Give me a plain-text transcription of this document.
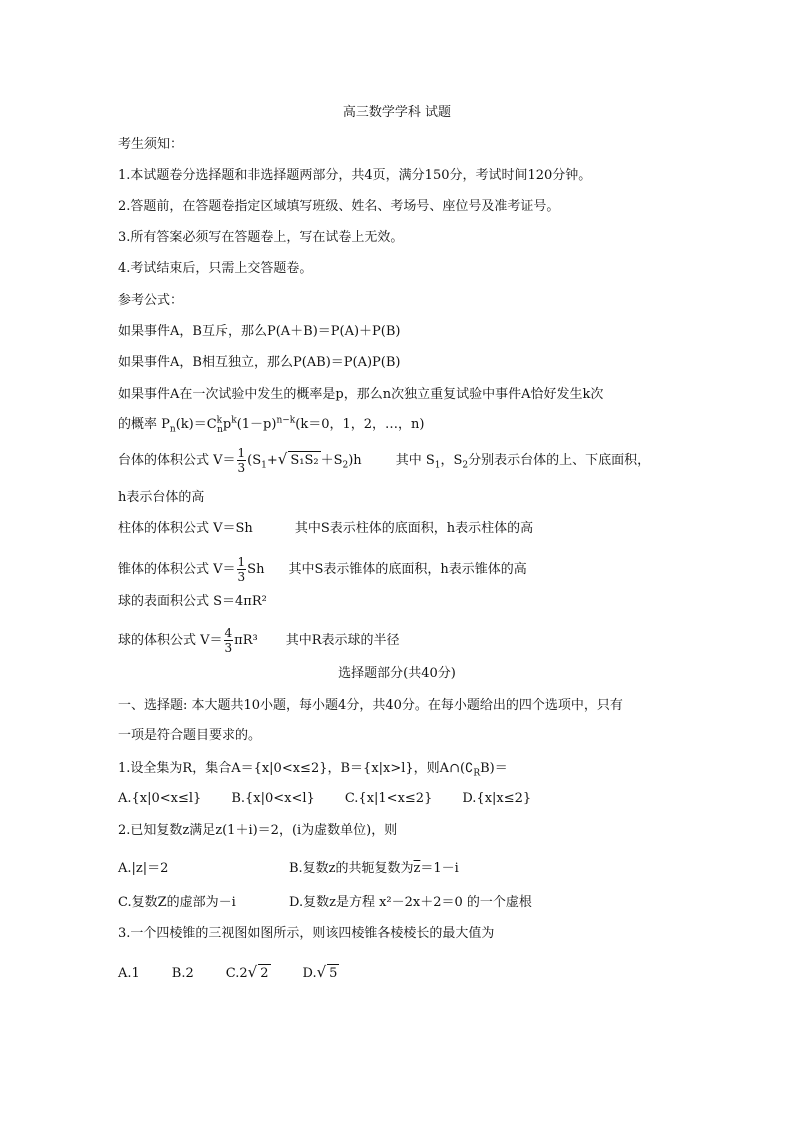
高三数学学科 试题
考生须知：
1.本试题卷分选择题和非选择题两部分，共4页，满分150分，考试时间120分钟。
2.答题前，在答题卷指定区域填写班级、姓名、考场号、座位号及准考证号。
3.所有答案必须写在答题卷上，写在试卷上无效。
4.考试结束后，只需上交答题卷。
参考公式：
如果事件A，B互斥，那么P(A＋B)＝P(A)＋P(B)
如果事件A，B相互独立，那么P(AB)＝P(A)P(B)
如果事件A在一次试验中发生的概率是p，那么n次独立重复试验中事件A恰好发生k次
的概率 $P_n(k)=C^k_np^k(1-p)^{n-k}(k=0$，1，2，…，n)
台体的体积公式 $V= \frac{1}{3} (S_1+√$ $S_1S_2 +S_2)h$	其中 $S_1$，$S_2$分别表示台体的上、下底面积，
h表示台体的高
柱体的体积公式 V＝Sh	其中S表示柱体的底面积，h表示柱体的高
锥体的体积公式 $V= \frac{1}{3}$ Sh 其中S表示锥体的底面积，h表示锥体的高
球的表面积公式 S＝4πR²
球的体积公式 $V= \frac{4}{3} \pi R^3$ 其中R表示球的半径
选择题部分(共40分)
一、选择题: 本大题共10小题，每小题4分，共40分。在每小题给出的四个选项中，只有
一项是符合题目要求的。
1.设全集为R，集合A＝{x|0<x≤2}，B＝{x|x>l}，则$A\cap(∁_RB)=$
A.{x|0<x≤l} B.{x|0<x<l} C.{x|1<x≤2} D.{x|x≤2}
2.已知复数z满足z(1＋i)＝2，(i为虚数单位)，则
A.|z|＝2	B.复数z的共轭复数为$\overline{z}=1-i$
C.复数Z的虚部为－i	D.复数z是方程 x²－2x＋2＝0 的一个虚根
3.一个四棱锥的三视图如图所示，则该四棱锥各棱棱长的最大值为
A.1 B.2 C.2√ 2	D.√ 5
